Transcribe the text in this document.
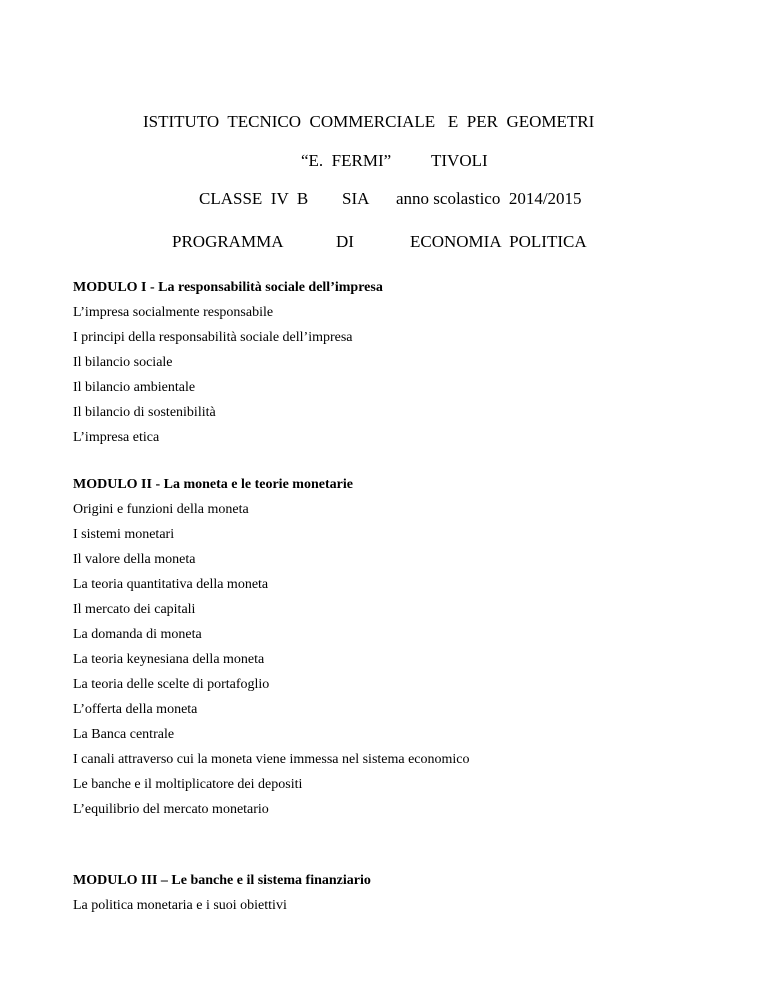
ISTITUTO  TECNICO  COMMERCIALE   E  PER  GEOMETRI
“E.  FERMI” TIVOLI
CLASSE  IV  B SIA anno scolastico  2014/2015
PROGRAMMA	DI	ECONOMIA  POLITICA
MODULO I - La responsabilità sociale dell’impresa
L’impresa socialmente responsabile
I principi della responsabilità sociale dell’impresa
Il bilancio sociale
Il bilancio ambientale
Il bilancio di sostenibilità
L’impresa etica
MODULO II - La moneta e le teorie monetarie
Origini e funzioni della moneta
I sistemi monetari
Il valore della moneta
La teoria quantitativa della moneta
Il mercato dei capitali
La domanda di moneta
La teoria keynesiana della moneta
La teoria delle scelte di portafoglio
L’offerta della moneta
La Banca centrale
I canali attraverso cui la moneta viene immessa nel sistema economico
Le banche e il moltiplicatore dei depositi
L’equilibrio del mercato monetario
MODULO III – Le banche e il sistema finanziario
La politica monetaria e i suoi obiettivi
